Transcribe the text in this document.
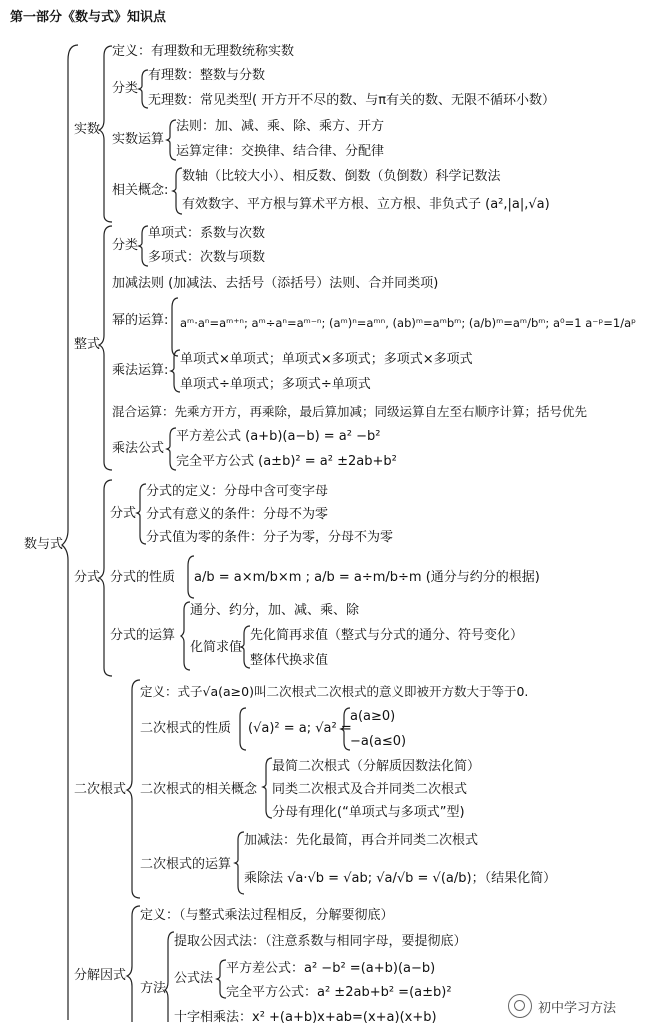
第一部分《数与式》知识点
数与式
实数
定义：有理数和无理数统称实数
分类
有理数：整数与分数
无理数：常见类型( 开方开不尽的数、与π有关的数、无限不循环小数）
实数运算
法则：加、减、乘、除、乘方、开方
运算定律：交换律、结合律、分配律
相关概念:
数轴（比较大小）、相反数、倒数（负倒数）科学记数法
有效数字、平方根与算术平方根、立方根、非负式子 (a²,|a|,√a)
整式
分类
单项式：系数与次数
多项式：次数与项数
加减法则 (加减法、去括号（添括号）法则、合并同类项)
幂的运算: aᵐ·aⁿ=aᵐ⁺ⁿ; aᵐ÷aⁿ=aᵐ⁻ⁿ; (aᵐ)ⁿ=aᵐⁿ, (ab)ᵐ=aᵐbᵐ; (a/b)ᵐ=aᵐ/bᵐ; a⁰=1 a⁻ᵖ=1/aᵖ
乘法运算:
单项式×单项式；单项式×多项式；多项式×多项式
单项式÷单项式；多项式÷单项式
混合运算：先乘方开方，再乘除，最后算加减；同级运算自左至右顺序计算；括号优先
乘法公式
平方差公式 (a+b)(a−b) = a² −b²
完全平方公式 (a±b)² = a² ±2ab+b²
分式
分式
分式的定义：分母中含可变字母
分式有意义的条件：分母不为零
分式值为零的条件：分子为零，分母不为零
分式的性质 a/b = a×m/b×m ; a/b = a÷m/b÷m (通分与约分的根据)
分式的运算
通分、约分，加、减、乘、除
化简求值
先化简再求值（整式与分式的通分、符号变化）
整体代换求值
二次根式
定义：式子√a(a≥0)叫二次根式二次根式的意义即被开方数大于等于0.
二次根式的性质 (√a)² = a; √a² =
a(a≥0)
−a(a≤0)
二次根式的相关概念
最简二次根式（分解质因数法化简）
同类二次根式及合并同类二次根式
分母有理化(“单项式与多项式”型)
二次根式的运算
加减法：先化最简，再合并同类二次根式
乘除法 √a·√b = √ab; √a/√b = √(a/b)；（结果化简）
分解因式
定义：（与整式乘法过程相反，分解要彻底）
方法
提取公因式法：（注意系数与相同字母，要提彻底）
公式法
平方差公式：a² −b² =(a+b)(a−b)
完全平方公式：a² ±2ab+b² =(a±b)²
十字相乘法：x² +(a+b)x+ab=(x+a)(x+b)
初中学习方法
